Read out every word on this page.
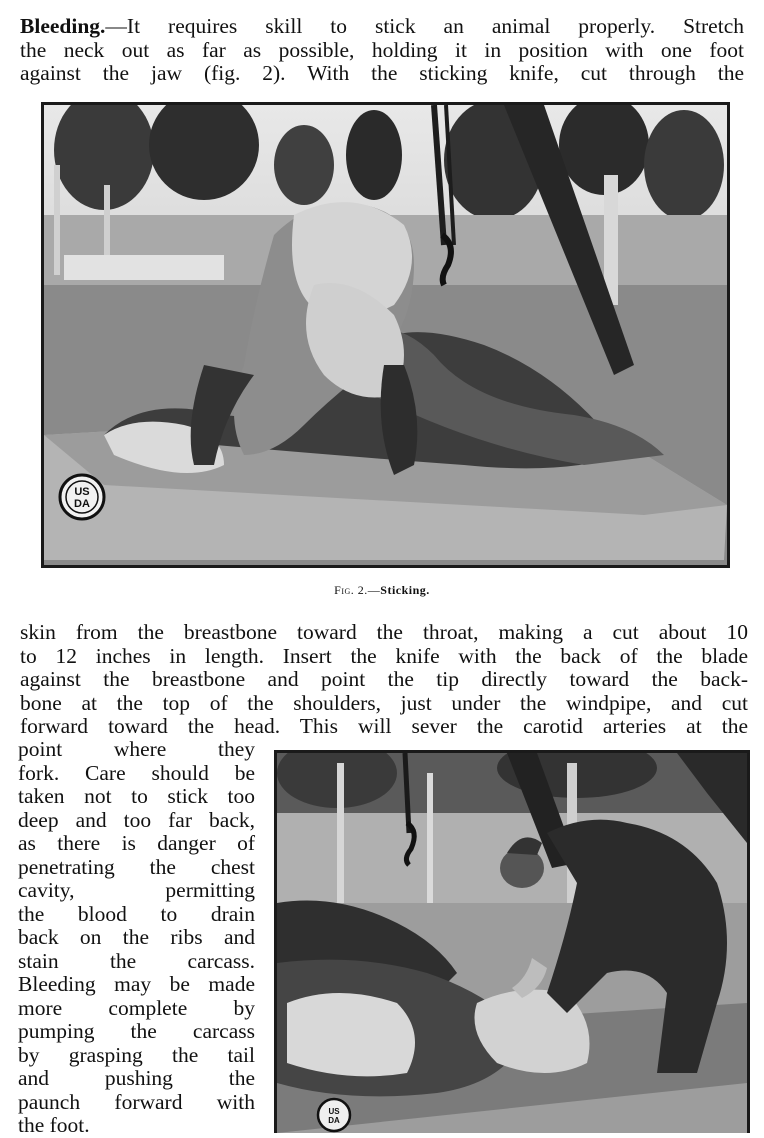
Bleeding.—It requires skill to stick an animal properly. Stretch
the neck out as far as possible, holding it in position with one foot
against the jaw (fig. 2). With the sticking knife, cut through the
US
DA
Fig. 2.—Sticking.
skin from the breastbone toward the throat, making a cut about 10
to 12 inches in length. Insert the knife with the back of the blade
against the breastbone and point the tip directly toward the back-
bone at the top of the shoulders, just under the windpipe, and cut
forward toward the head. This will sever the carotid arteries at the
point where they
fork. Care should be
taken not to stick too
deep and too far back,
as there is danger of
penetrating the chest
cavity, permitting
the blood to drain
back on the ribs and
stain the carcass.
Bleeding may be made
more complete by
pumping the carcass
by grasping the tail
and pushing the
paunch forward with
the foot.
US
DA
